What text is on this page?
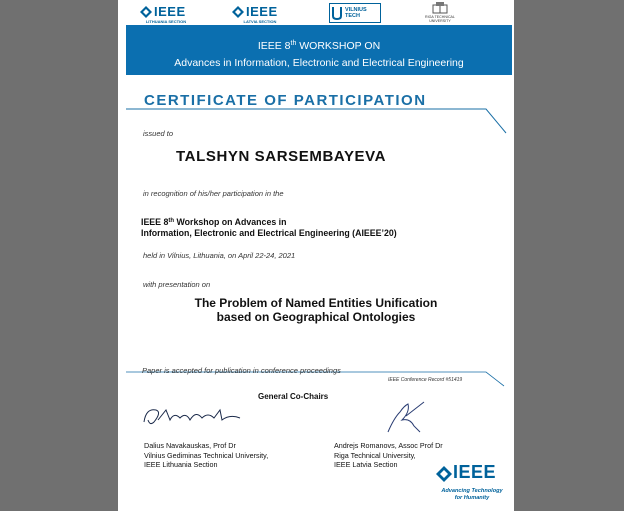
IEEE
LITHUANIA SECTION
IEEE
LATVIA SECTION
VILNIUS TECH	RIGA TECHNICAL UNIVERSITY
IEEE 8th WORKSHOP ON
Advances in Information, Electronic and Electrical Engineering
CERTIFICATE OF PARTICIPATION
issued to
TALSHYN SARSEMBAYEVA
in recognition of his/her participation in the
IEEE 8th Workshop on Advances in
Information, Electronic and Electrical Engineering (AIEEE’20)
held in Vilnius, Lithuania, on April 22-24, 2021
with presentation on
The Problem of Named Entities Unification
based on Geographical Ontologies
Paper is accepted for publication in conference proceedings
IEEE Conference Record #51419
General Co-Chairs
Dalius Navakauskas, Prof Dr
Vilnius Gediminas Technical University,
IEEE Lithuania Section
Andrejs Romanovs, Assoc Prof Dr
Riga Technical University,
IEEE Latvia Section	IEEE
Advancing Technology
for Humanity
